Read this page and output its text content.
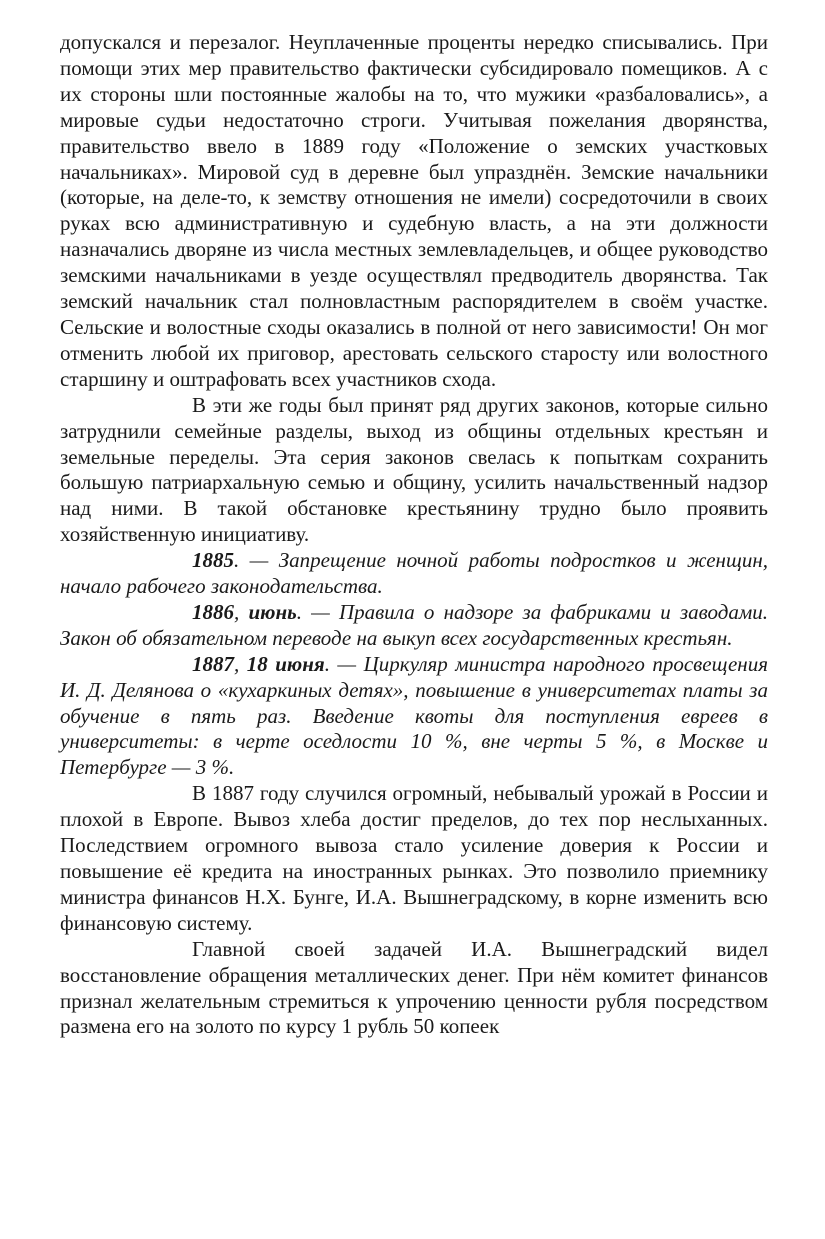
допускался и перезалог. Неуплаченные проценты нередко списывались. При помощи этих мер правительство фактически субсидировало помещиков. А с их стороны шли постоянные жалобы на то, что мужики «разбаловались», а мировые судьи недостаточно строги. Учитывая пожелания дворянства, правительство ввело в 1889 году «Положение о земских участковых начальниках». Мировой суд в деревне был упразднён. Земские начальники (которые, на деле-то, к земству отношения не имели) сосредоточили в своих руках всю административную и судебную власть, а на эти должности назначались дворяне из числа местных землевладельцев, и общее руководство земскими начальниками в уезде осуществлял предводитель дворянства. Так земский начальник стал полновластным распорядителем в своём участке. Сельские и волостные сходы оказались в полной от него зависимости! Он мог отменить любой их приговор, арестовать сельского старосту или волостного старшину и оштрафовать всех участников схода.

В эти же годы был принят ряд других законов, которые сильно затруднили семейные разделы, выход из общины отдельных крестьян и земельные переделы. Эта серия законов свелась к попыткам сохранить большую патриархальную семью и общину, усилить начальственный надзор над ними. В такой обстановке крестьянину трудно было проявить хозяйственную инициативу.

1885. — Запрещение ночной работы подростков и женщин, начало рабочего законодательства.

1886, июнь. — Правила о надзоре за фабриками и заводами. Закон об обязательном переводе на выкуп всех государственных крестьян.

1887, 18 июня. — Циркуляр министра народного просвещения И. Д. Делянова о «кухаркиных детях», повышение в университетах платы за обучение в пять раз. Введение квоты для поступления евреев в университеты: в черте оседлости 10 %, вне черты 5 %, в Москве и Петербурге — 3 %.

В 1887 году случился огромный, небывалый урожай в России и плохой в Европе. Вывоз хлеба достиг пределов, до тех пор неслыханных. Последствием огромного вывоза стало усиление доверия к России и повышение её кредита на иностранных рынках. Это позволило приемнику министра финансов Н.Х. Бунге, И.А. Вышнеградскому, в корне изменить всю финансовую систему.

Главной своей задачей И.А. Вышнеградский видел восстановление обращения металлических денег. При нём комитет финансов признал желательным стремиться к упрочению ценности рубля посредством размена его на золото по курсу 1 рубль 50 копеек
